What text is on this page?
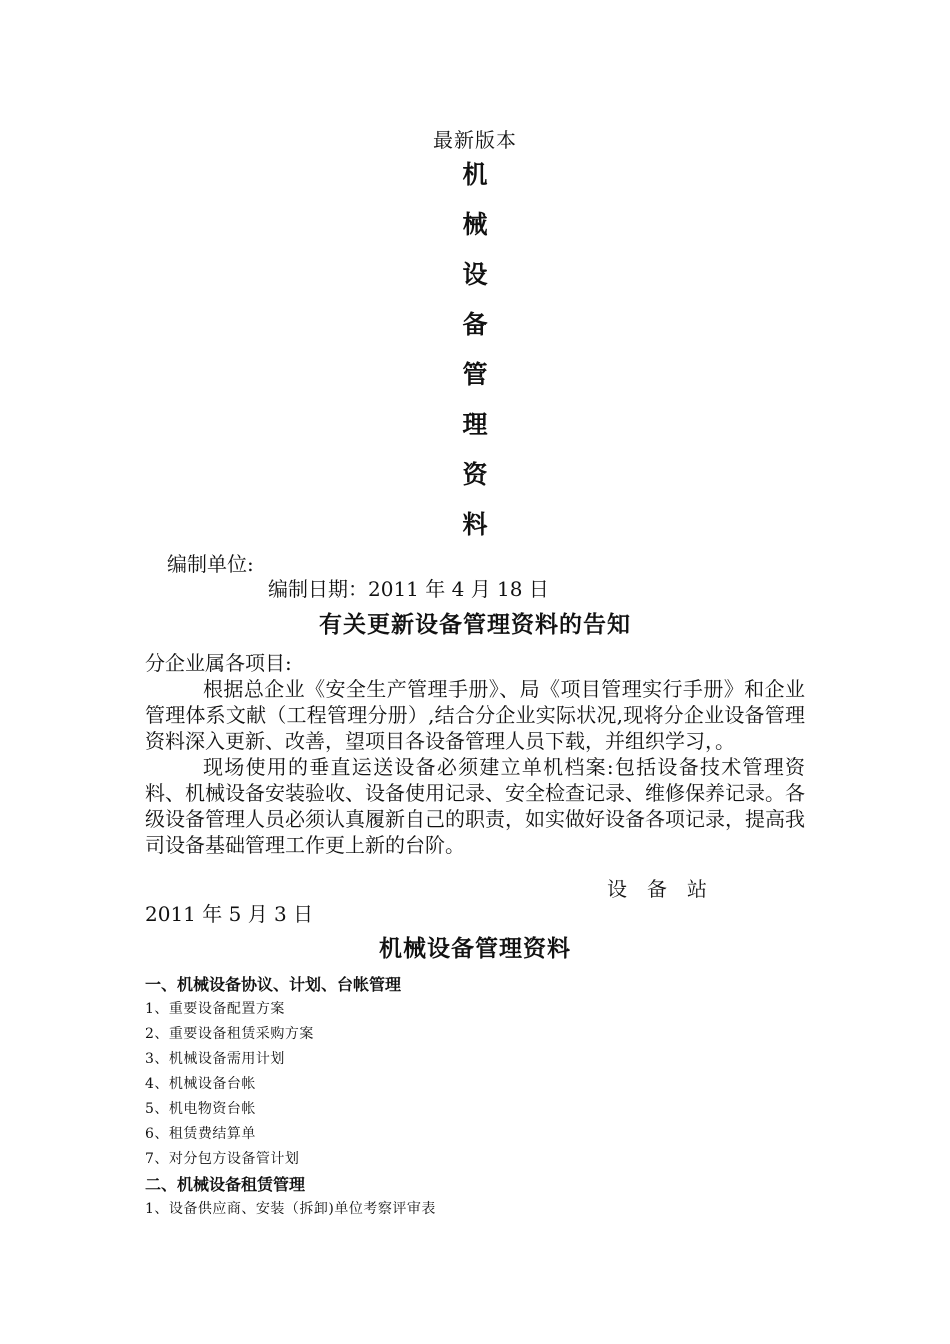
最新版本
机
械
设
备
管
理
资
料
编制单位:
编制日期：2011 年 4 月 18 日
有关更新设备管理资料的告知

分企业属各项目:

根据总企业《安全生产管理手册》、局《项目管理实行手册》和企业管理体系文献（工程管理分册）,结合分企业实际状况,现将分企业设备管理资料深入更新、改善，望项目各设备管理人员下载，并组织学习，。

现场使用的垂直运送设备必须建立单机档案:包括设备技术管理资料、机械设备安装验收、设备使用记录、安全检查记录、维修保养记录。各级设备管理人员必须认真履新自己的职责，如实做好设备各项记录，提高我司设备基础管理工作更上新的台阶。

设　备　站
2011 年 5 月 3 日
机械设备管理资料
一、机械设备协议、计划、台帐管理
1、重要设备配置方案
2、重要设备租赁采购方案
3、机械设备需用计划
4、机械设备台帐
5、机电物资台帐
6、租赁费结算单
7、对分包方设备管计划
二、机械设备租赁管理
1、设备供应商、安装（拆卸)单位考察评审表
